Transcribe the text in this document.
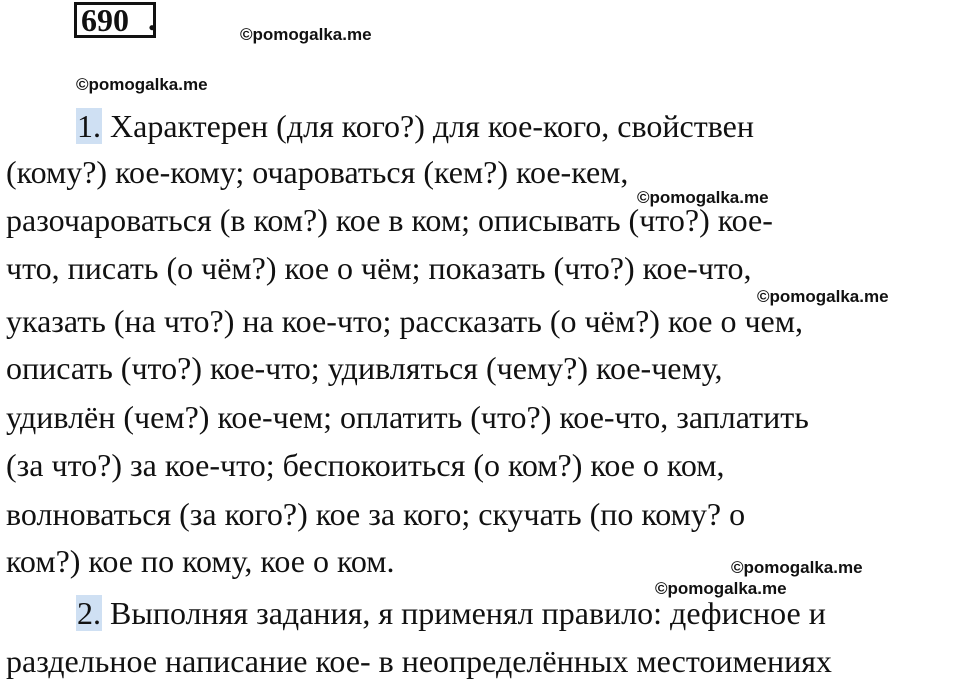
690 .	©pomogalka.me
©pomogalka.me
©pomogalka.me
©pomogalka.me
©pomogalka.me
©pomogalka.me
1. Характерен (для кого?) для кое-кого, свойствен
(кому?) кое-кому; очароваться (кем?) кое-кем,
разочароваться (в ком?) кое в ком; описывать (что?) кое-
что, писать (о чём?) кое о чём; показать (что?) кое-что,
указать (на что?) на кое-что; рассказать (о чём?) кое о чем,
описать (что?) кое-что; удивляться (чему?) кое-чему,
удивлён (чем?) кое-чем; оплатить (что?) кое-что, заплатить
(за что?) за кое-что; беспокоиться (о ком?) кое о ком,
волноваться (за кого?) кое за кого; скучать (по кому? о
ком?) кое по кому, кое о ком.
2. Выполняя задания, я применял правило: дефисное и
раздельное написание кое- в неопределённых местоимениях
